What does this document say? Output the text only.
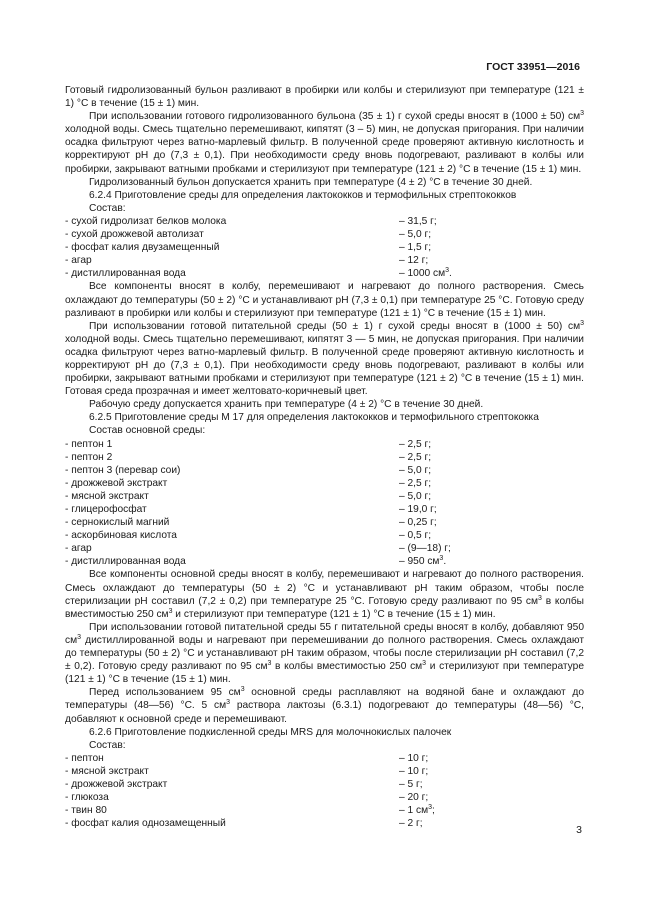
ГОСТ 33951—2016

Готовый гидролизованный бульон разливают в пробирки или колбы и стерилизуют при температуре (121 ± 1) °С в течение (15 ± 1) мин.

При использовании готового гидролизованного бульона (35 ± 1) г сухой среды вносят в (1000 ± 50) $см^3$ холодной воды. Смесь тщательно перемешивают, кипятят (3 – 5) мин, не допуская пригорания. При наличии осадка фильтруют через ватно-марлевый фильтр. В полученной среде проверяют активную кислотность и корректируют pH до (7,3 ± 0,1). При необходимости среду вновь подогревают, разливают в колбы или пробирки, закрывают ватными пробками и стерилизуют при температуре (121 ± 2) °С в течение (15 ± 1) мин.

Гидролизованный бульон допускается хранить при температуре (4 ± 2) °С в течение 30 дней.

6.2.4 Приготовление среды для определения лактококков и термофильных стрептококков

Состав:

- сухой гидролизат белков молока	– 31,5 г;
- сухой дрожжевой автолизат	– 5,0 г;
- фосфат калия двузамещенный	– 1,5 г;
- агар	– 12 г;
- дистиллированная вода	– 1000 $см^3$.

Все компоненты вносят в колбу, перемешивают и нагревают до полного растворения. Смесь охлаждают до температуры (50 ± 2) °С и устанавливают pH (7,3 ± 0,1) при температуре 25 °С. Готовую среду разливают в пробирки или колбы и стерилизуют при температуре (121 ± 1) °С в течение (15 ± 1) мин.

При использовании готовой питательной среды (50 ± 1) г сухой среды вносят в (1000 ± 50) $см^3$ холодной воды. Смесь тщательно перемешивают, кипятят 3 — 5 мин, не допуская пригорания. При наличии осадка фильтруют через ватно-марлевый фильтр. В полученной среде проверяют активную кислотность и корректируют pH до (7,3 ± 0,1). При необходимости среду вновь подогревают, разливают в колбы или пробирки, закрывают ватными пробками и стерилизуют при температуре (121 ± 2) °С в течение (15 ± 1) мин. Готовая среда прозрачная и имеет желтовато-коричневый цвет.

Рабочую среду допускается хранить при температуре (4 ± 2) °С в течение 30 дней.

6.2.5 Приготовление среды М 17 для определения лактококков и термофильного стрептококка

Состав основной среды:

- пептон 1	– 2,5 г;
- пептон 2	– 2,5 г;
- пептон 3 (перевар сои)	– 5,0 г;
- дрожжевой экстракт	– 2,5 г;
- мясной экстракт	– 5,0 г;
- глицерофосфат	– 19,0 г;
- сернокислый магний	– 0,25 г;
- аскорбиновая кислота	– 0,5 г;
- агар	– (9—18) г;
- дистиллированная вода	– 950 $см^3$.

Все компоненты основной среды вносят в колбу, перемешивают и нагревают до полного растворения. Смесь охлаждают до температуры (50 ± 2) °С и устанавливают pH таким образом, чтобы после стерилизации pH составил (7,2 ± 0,2) при температуре 25 °С. Готовую среду разливают по 95 $см^3$ в колбы вместимостью 250 $см^3$ и стерилизуют при температуре (121 ± 1) °С в течение (15 ± 1) мин.

При использовании готовой питательной среды 55 г питательной среды вносят в колбу, добавляют 950 $см^3$ дистиллированной воды и нагревают при перемешивании до полного растворения. Смесь охлаждают до температуры (50 ± 2) °С и устанавливают pH таким образом, чтобы после стерилизации pH составил (7,2 ± 0,2). Готовую среду разливают по 95 $см^3$ в колбы вместимостью 250 $см^3$ и стерилизуют при температуре (121 ± 1) °С в течение (15 ± 1) мин.

Перед использованием 95 $см^3$ основной среды расплавляют на водяной бане и охлаждают до температуры (48—56) °С. 5 $см^3$ раствора лактозы (6.3.1) подогревают до температуры (48—56) °С, добавляют к основной среде и перемешивают.

6.2.6 Приготовление подкисленной среды MRS для молочнокислых палочек

Состав:

- пептон	– 10 г;
- мясной экстракт	– 10 г;
- дрожжевой экстракт	– 5 г;
- глюкоза	– 20 г;
- твин 80	– 1 $см^3$;
- фосфат калия однозамещенный	– 2 г;
3
